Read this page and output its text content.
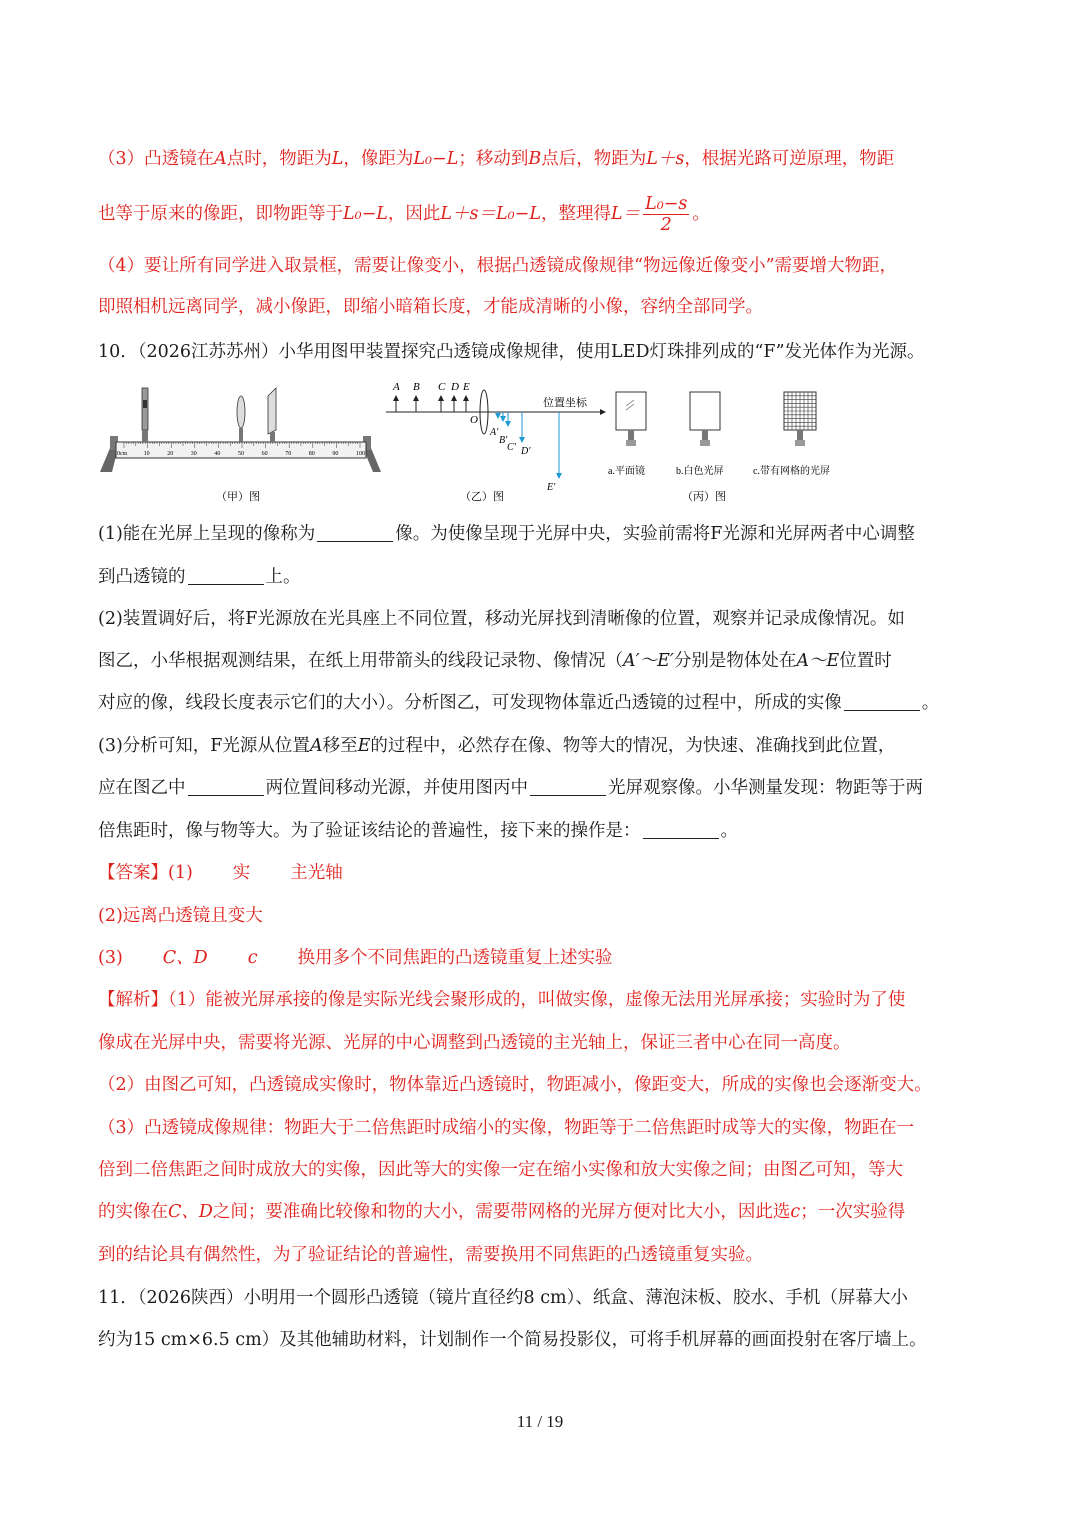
（3）凸透镜在A点时，物距为L，像距为L₀−L；移动到B点后，物距为L＋s，根据光路可逆原理，物距
也等于原来的像距，即物距等于L₀−L，因此L＋s＝L₀−L，整理得$L= \frac{\text{L₀−s}}{2}$ 。
（4）要让所有同学进入取景框，需要让像变小，根据凸透镜成像规律“物远像近像变小”需要增大物距，
即照相机远离同学，减小像距，即缩小暗箱长度，才能成清晰的小像，容纳全部同学。
10．（2026江苏苏州）小华用图甲装置探究凸透镜成像规律，使用LED灯珠排列成的“F”发光体作为光源。
0cm	10	20	30	40	50	60	70	80	90	100
（甲）图
A B C D E
O
位置坐标
A'
B'
C' D'
E'
（乙）图
a.平面镜	b.白色光屏	c.带有网格的光屏
（丙）图
(1)能在光屏上呈现的像称为	像。为使像呈现于光屏中央，实验前需将F光源和光屏两者中心调整
到凸透镜的	上。
(2)装置调好后，将F光源放在光具座上不同位置，移动光屏找到清晰像的位置，观察并记录成像情况。如
图乙，小华根据观测结果，在纸上用带箭头的线段记录物、像情况（A′～E′分别是物体处在A～E位置时
对应的像，线段长度表示它们的大小）。分析图乙，可发现物体靠近凸透镜的过程中，所成的实像	。
(3)分析可知，F光源从位置A移至E的过程中，必然存在像、物等大的情况，为快速、准确找到此位置，
应在图乙中	两位置间移动光源，并使用图丙中	光屏观察像。小华测量发现：物距等于两
倍焦距时，像与物等大。为了验证该结论的普遍性，接下来的操作是：	。
【答案】(1) 实 主光轴
(2)远离凸透镜且变大
(3) C、D c 换用多个不同焦距的凸透镜重复上述实验
【解析】（1）能被光屏承接的像是实际光线会聚形成的，叫做实像，虚像无法用光屏承接；实验时为了使
像成在光屏中央，需要将光源、光屏的中心调整到凸透镜的主光轴上，保证三者中心在同一高度。
（2）由图乙可知，凸透镜成实像时，物体靠近凸透镜时，物距减小，像距变大，所成的实像也会逐渐变大。
（3）凸透镜成像规律：物距大于二倍焦距时成缩小的实像，物距等于二倍焦距时成等大的实像，物距在一
倍到二倍焦距之间时成放大的实像，因此等大的实像一定在缩小实像和放大实像之间；由图乙可知，等大
的实像在C、D之间；要准确比较像和物的大小，需要带网格的光屏方便对比大小，因此选c；一次实验得
到的结论具有偶然性，为了验证结论的普遍性，需要换用不同焦距的凸透镜重复实验。
11．（2026陕西）小明用一个圆形凸透镜（镜片直径约8 cm）、纸盒、薄泡沫板、胶水、手机（屏幕大小
约为15 cm×6.5 cm）及其他辅助材料，计划制作一个简易投影仪，可将手机屏幕的画面投射在客厅墙上。
11 / 19
